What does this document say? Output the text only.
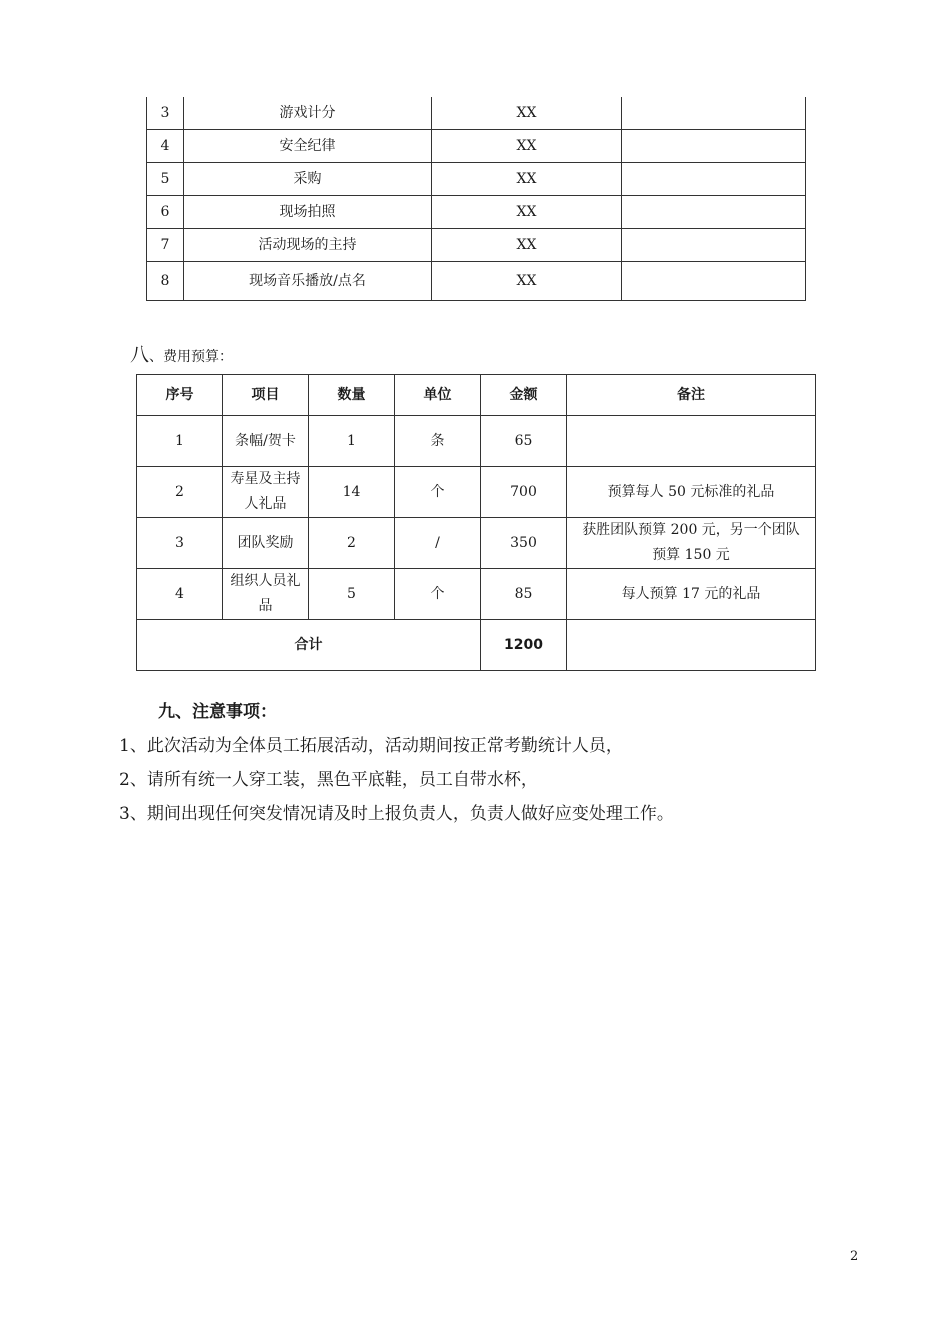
3	游戏计分	XX	
4	安全纪律	XX	
5	采购	XX	
6	现场拍照	XX	
7	活动现场的主持	XX	
8	现场音乐播放/点名	XX	
八、费用预算：
序号	项目	数量	单位	金额	备注
1	条幅/贺卡	1	条	65	
2	寿星及主持人礼品	14	个	700	预算每人 50 元标准的礼品
3	团队奖励	2	/	350	获胜团队预算 200 元，另一个团队预算 150 元
4	组织人员礼品	5	个	85	每人预算 17 元的礼品
合计				1200	
九、注意事项：
1、此次活动为全体员工拓展活动，活动期间按正常考勤统计人员，
2、请所有统一人穿工装，黑色平底鞋，员工自带水杯，
3、期间出现任何突发情况请及时上报负责人，负责人做好应变处理工作。
2
